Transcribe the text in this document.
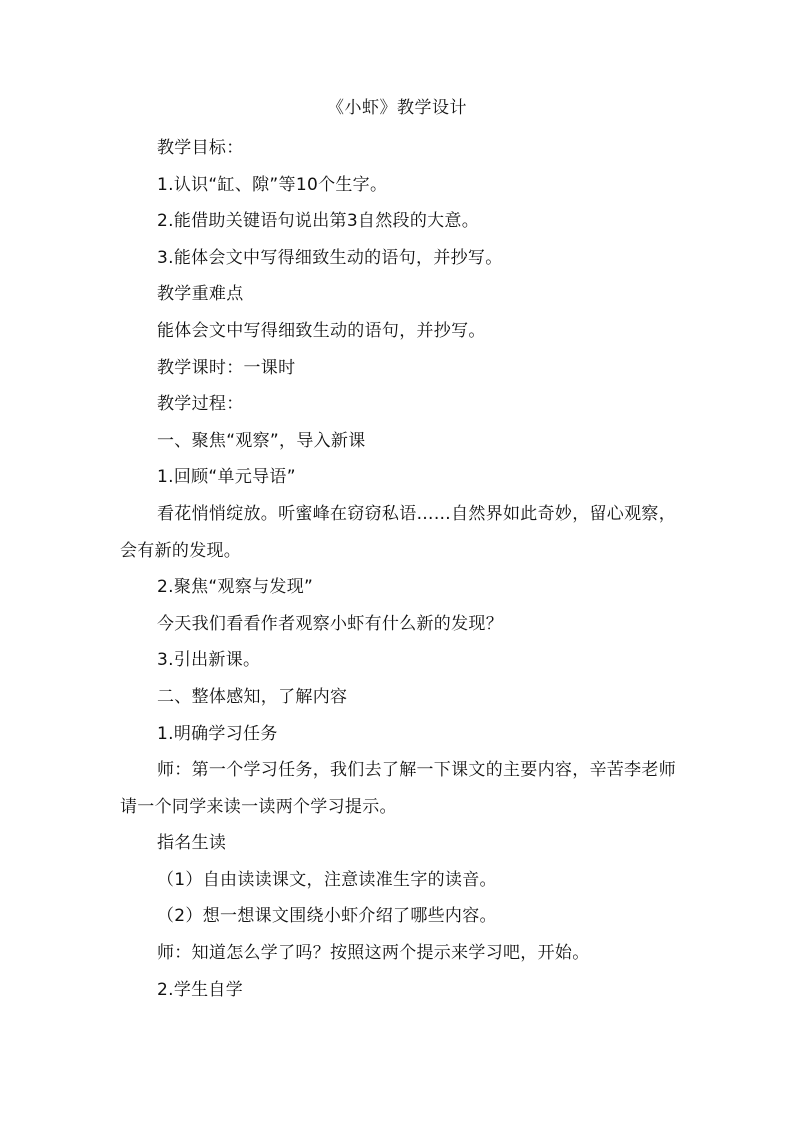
《小虾》教学设计

教学目标：

1.认识“缸、隙”等10个生字。

2.能借助关键语句说出第3自然段的大意。

3.能体会文中写得细致生动的语句，并抄写。

教学重难点

能体会文中写得细致生动的语句，并抄写。

教学课时：一课时

教学过程：

一、聚焦“观察”，导入新课

1.回顾“单元导语”

看花悄悄绽放。听蜜峰在窃窃私语……自然界如此奇妙，留心观察，会有新的发现。

2.聚焦“观察与发现”

今天我们看看作者观察小虾有什么新的发现？

3.引出新课。

二、整体感知，了解内容

1.明确学习任务

师：第一个学习任务，我们去了解一下课文的主要内容，辛苦李老师请一个同学来读一读两个学习提示。

指名生读

（1）自由读读课文，注意读准生字的读音。

（2）想一想课文围绕小虾介绍了哪些内容。

师：知道怎么学了吗？按照这两个提示来学习吧，开始。

2.学生自学
